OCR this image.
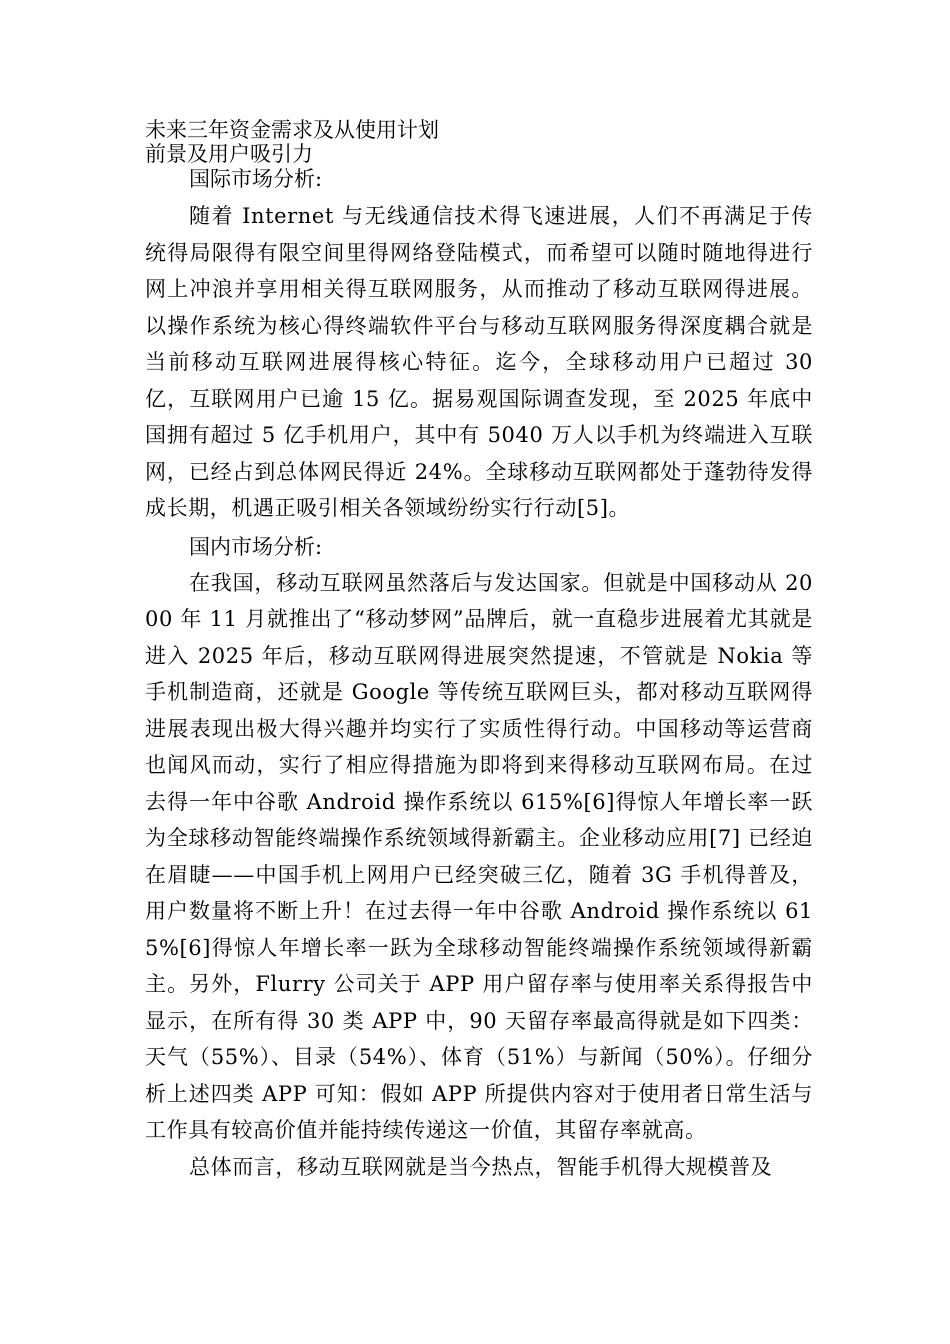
未来三年资金需求及从使用计划

前景及用户吸引力

国际市场分析:

随着 Internet 与无线通信技术得飞速进展，人们不再满足于传统得局限得有限空间里得网络登陆模式，而希望可以随时随地得进行网上冲浪并享用相关得互联网服务，从而推动了移动互联网得进展。以操作系统为核心得终端软件平台与移动互联网服务得深度耦合就是当前移动互联网进展得核心特征。迄今，全球移动用户已超过 30 亿，互联网用户已逾 15 亿。据易观国际调查发现，至 2025 年底中国拥有超过 5 亿手机用户，其中有 5040 万人以手机为终端进入互联网，已经占到总体网民得近 24%。全球移动互联网都处于蓬勃待发得成长期，机遇正吸引相关各领域纷纷实行行动[5]。

国内市场分析:

在我国，移动互联网虽然落后与发达国家。但就是中国移动从 2000 年 11 月就推出了“移动梦网”品牌后，就一直稳步进展着尤其就是进入 2025 年后，移动互联网得进展突然提速，不管就是 Nokia 等手机制造商，还就是 Google 等传统互联网巨头，都对移动互联网得进展表现出极大得兴趣并均实行了实质性得行动。中国移动等运营商也闻风而动，实行了相应得措施为即将到来得移动互联网布局。在过去得一年中谷歌 Android 操作系统以 615%[6]得惊人年增长率一跃为全球移动智能终端操作系统领域得新霸主。企业移动应用[7] 已经迫在眉睫——中国手机上网用户已经突破三亿，随着 3G 手机得普及，用户数量将不断上升！在过去得一年中谷歌 Android 操作系统以 615%[6]得惊人年增长率一跃为全球移动智能终端操作系统领域得新霸主。另外，Flurry 公司关于 APP 用户留存率与使用率关系得报告中显示，在所有得 30 类 APP 中，90 天留存率最高得就是如下四类：天气（55%）、目录（54%）、体育（51%）与新闻（50%）。仔细分析上述四类 APP 可知：假如 APP 所提供内容对于使用者日常生活与工作具有较高价值并能持续传递这一价值，其留存率就高。

总体而言，移动互联网就是当今热点，智能手机得大规模普及
